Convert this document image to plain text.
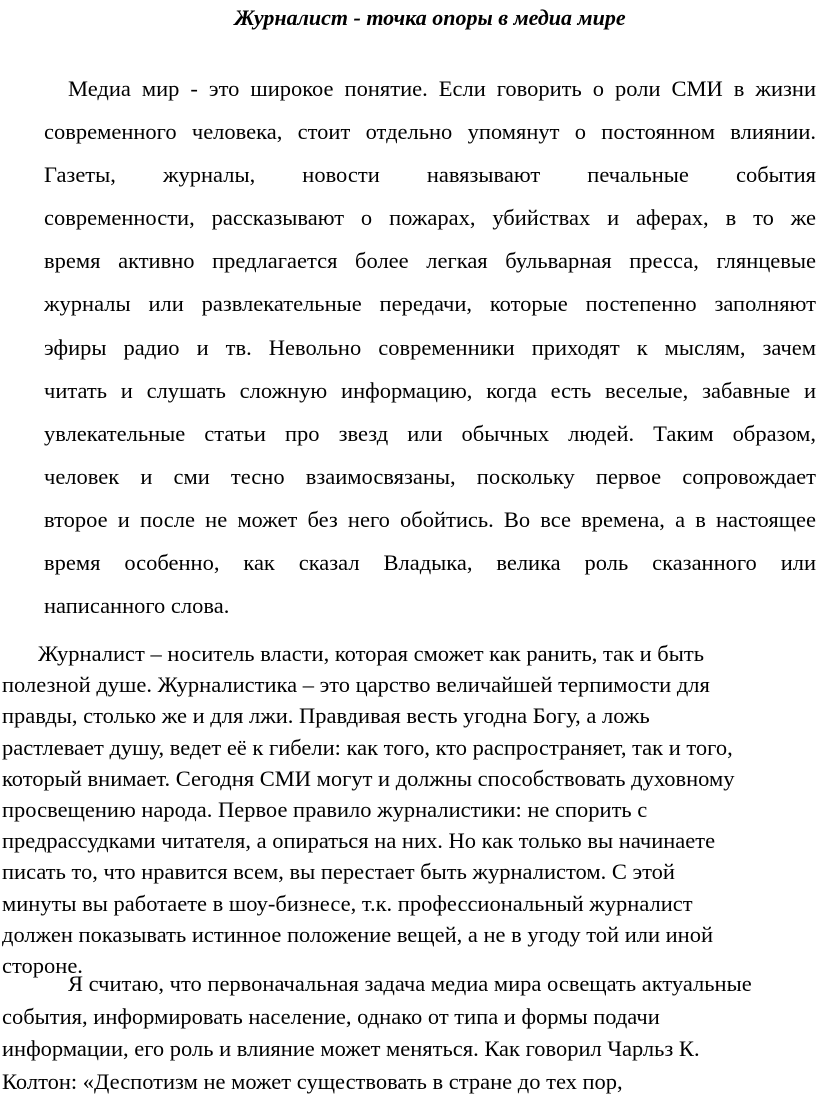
Журналист - точка опоры в медиа мире
Медиа мир - это широкое понятие. Если говорить о роли СМИ в жизни
современного человека, стоит отдельно упомянут о постоянном влиянии.
Газеты, журналы, новости навязывают печальные события
современности, рассказывают о пожарах, убийствах и аферах, в то же
время активно предлагается более легкая бульварная пресса, глянцевые
журналы или развлекательные передачи, которые постепенно заполняют
эфиры радио и тв. Невольно современники приходят к мыслям, зачем
читать и слушать сложную информацию, когда есть веселые, забавные и
увлекательные статьи про звезд или обычных людей. Таким образом,
человек и сми тесно взаимосвязаны, поскольку первое сопровождает
второе и после не может без него обойтись. Во все времена, а в настоящее
время особенно, как сказал Владыка, велика роль сказанного или
написанного слова.
Журналист – носитель власти, которая сможет как ранить, так и быть
полезной душе. Журналистика – это царство величайшей терпимости для
правды, столько же и для лжи. Правдивая весть угодна Богу, а ложь
растлевает душу, ведет её к гибели: как того, кто распространяет, так и того,
который внимает. Сегодня СМИ могут и должны способствовать духовному
просвещению народа. Первое правило журналистики: не спорить с
предрассудками читателя, а опираться на них. Но как только вы начинаете
писать то, что нравится всем, вы перестает быть журналистом. С этой
минуты вы работаете в шоу-бизнесе, т.к. профессиональный журналист
должен показывать истинное положение вещей, а не в угоду той или иной
стороне.
Я считаю, что первоначальная задача медиа мира освещать актуальные
события, информировать население, однако от типа и формы подачи
информации, его роль и влияние может меняться. Как говорил Чарльз К.
Колтон: «Деспотизм не может существовать в стране до тех пор,
